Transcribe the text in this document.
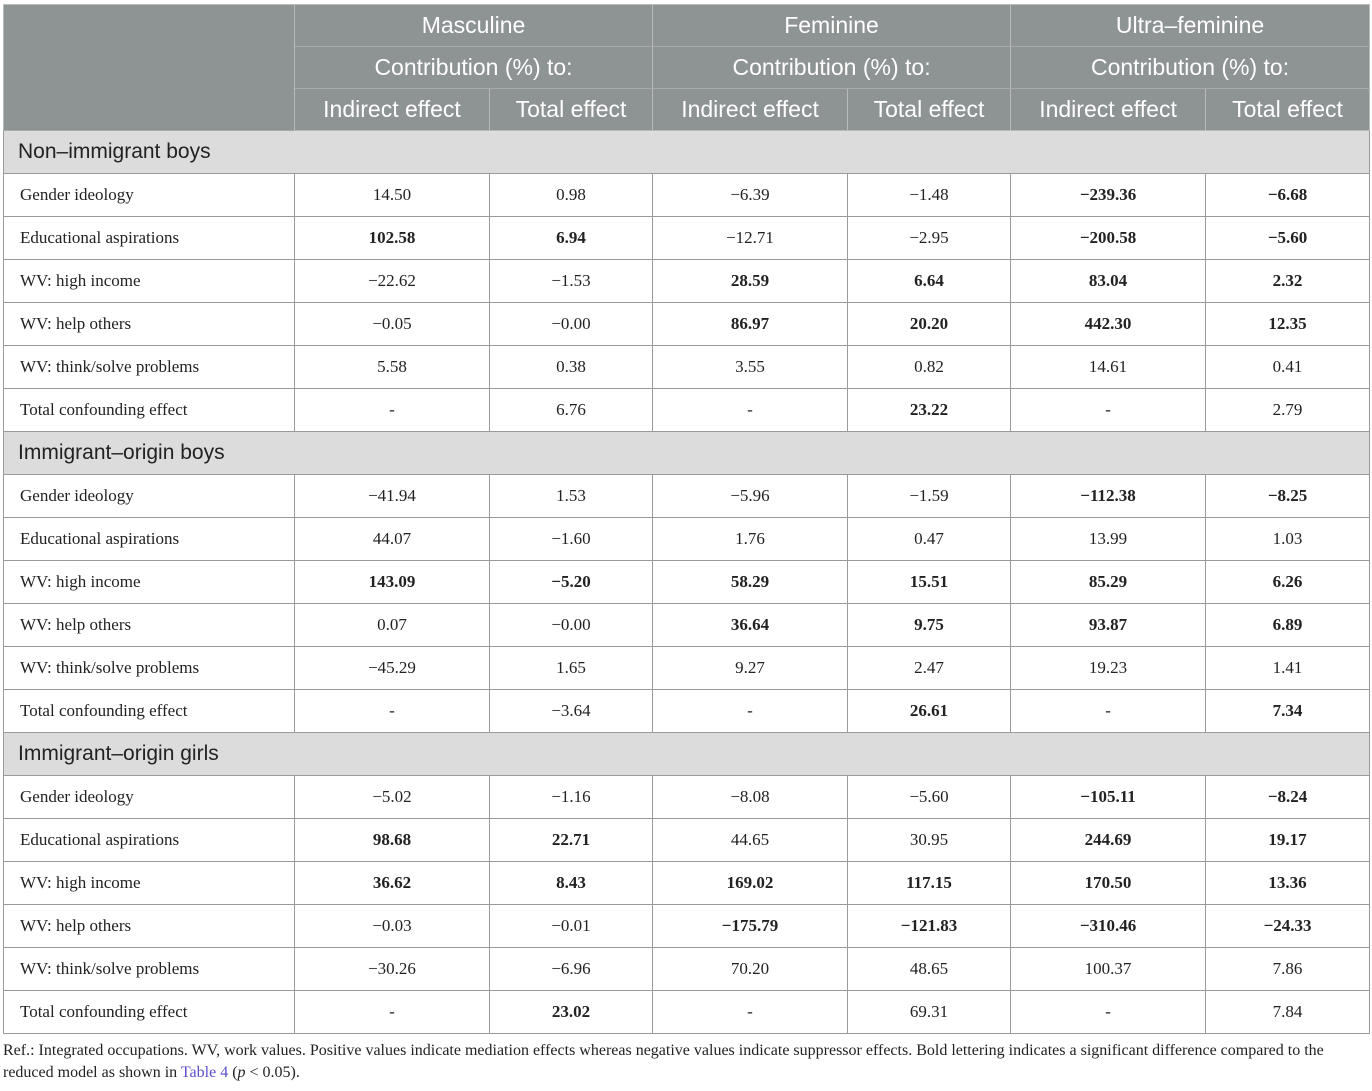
	Masculine		Feminine		Ultra–feminine	
	Contribution (%) to:		Contribution (%) to:		Contribution (%) to:	
	Indirect effect	Total effect	Indirect effect	Total effect	Indirect effect	Total effect
Non–immigrant boys						
Gender ideology	14.50	0.98	−6.39	−1.48	−239.36	−6.68
Educational aspirations	102.58	6.94	−12.71	−2.95	−200.58	−5.60
WV: high income	−22.62	−1.53	28.59	6.64	83.04	2.32
WV: help others	−0.05	−0.00	86.97	20.20	442.30	12.35
WV: think/solve problems	5.58	0.38	3.55	0.82	14.61	0.41
Total confounding effect	-	6.76	-	23.22	-	2.79
Immigrant–origin boys						
Gender ideology	−41.94	1.53	−5.96	−1.59	−112.38	−8.25
Educational aspirations	44.07	−1.60	1.76	0.47	13.99	1.03
WV: high income	143.09	−5.20	58.29	15.51	85.29	6.26
WV: help others	0.07	−0.00	36.64	9.75	93.87	6.89
WV: think/solve problems	−45.29	1.65	9.27	2.47	19.23	1.41
Total confounding effect	-	−3.64	-	26.61	-	7.34
Immigrant–origin girls						
Gender ideology	−5.02	−1.16	−8.08	−5.60	−105.11	−8.24
Educational aspirations	98.68	22.71	44.65	30.95	244.69	19.17
WV: high income	36.62	8.43	169.02	117.15	170.50	13.36
WV: help others	−0.03	−0.01	−175.79	−121.83	−310.46	−24.33
WV: think/solve problems	−30.26	−6.96	70.20	48.65	100.37	7.86
Total confounding effect	-	23.02	-	69.31	-	7.84
Ref.: Integrated occupations. WV, work values. Positive values indicate mediation effects whereas negative values indicate suppressor effects. Bold lettering indicates a significant difference compared to the reduced model as shown in Table 4 (p < 0.05).
